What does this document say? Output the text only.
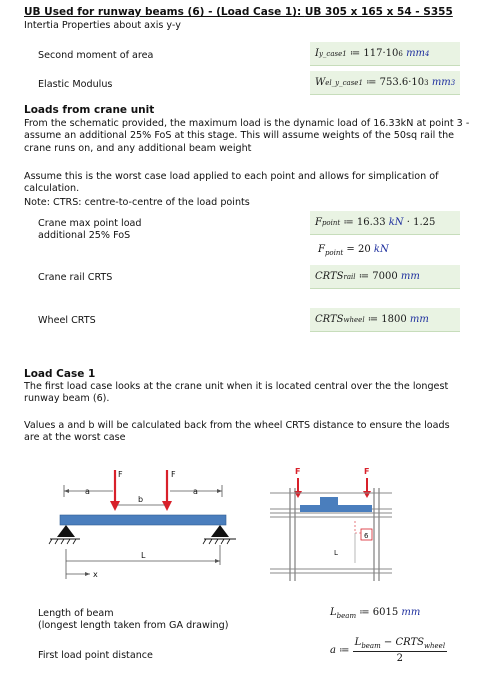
UB Used for runway beams (6) - (Load Case 1): UB 305 x 165 x 54 - S355
Intertia Properties about axis y-y
Second moment of area	I y_case1 ≔ 117 ·10 6
mm 4
Elastic Modulus	W el_y_case1 ≔ 753.6 ·10 3
mm 3
Loads from crane unit
From the schematic provided, the maximum load is the dynamic load of 16.33kN at point 3 - assume an additional 25% FoS at this stage. This will assume weights of the 50sq rail the crane runs on, and any additional beam weight
Assume this is the worst case load applied to each point and allows for simplication of calculation.
Note: CTRS: centre-to-centre of the load points
Crane max point load
additional 25% FoS
F point ≔ 16.33
kN · 1.25
$F_{point} = 20$ kN
Crane rail CRTS	CRTS rail ≔ 7000
mm
Wheel CRTS	CRTS wheel ≔ 1800
mm
Load Case 1
The first load case looks at the crane unit when it is located central over the the longest runway beam (6).
Values a and b will be calculated back from the wheel CRTS distance to ensure the loads are at the worst case
F	F
a
b
a
L
x
F	F
6
L
Length of beam
(longest length taken from GA drawing)
$L_{beam}$ ≔ 6015 mm
First load point distance	a ≔ $\frac{L_{beam} - CRTS_{wheel}}{2}$
